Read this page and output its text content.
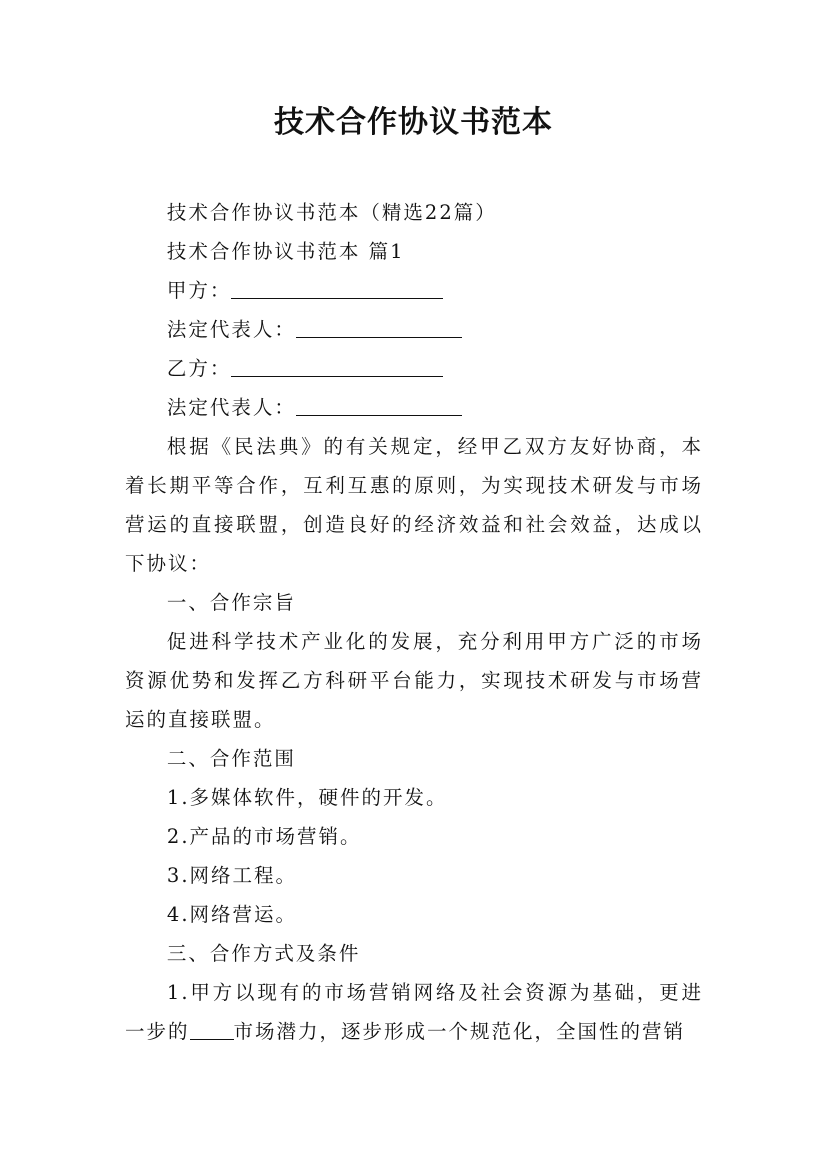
技术合作协议书范本

技术合作协议书范本（精选22篇）

技术合作协议书范本 篇1

甲方：

法定代表人：

乙方：

法定代表人：

根据《民法典》的有关规定，经甲乙双方友好协商，本着长期平等合作，互利互惠的原则，为实现技术研发与市场营运的直接联盟，创造良好的经济效益和社会效益，达成以下协议：

一、合作宗旨

促进科学技术产业化的发展，充分利用甲方广泛的市场资源优势和发挥乙方科研平台能力，实现技术研发与市场营运的直接联盟。

二、合作范围

1.多媒体软件，硬件的开发。

2.产品的市场营销。

3.网络工程。

4.网络营运。

三、合作方式及条件

1.甲方以现有的市场营销网络及社会资源为基础，更进一步的 市场潜力，逐步形成一个规范化，全国性的营销
